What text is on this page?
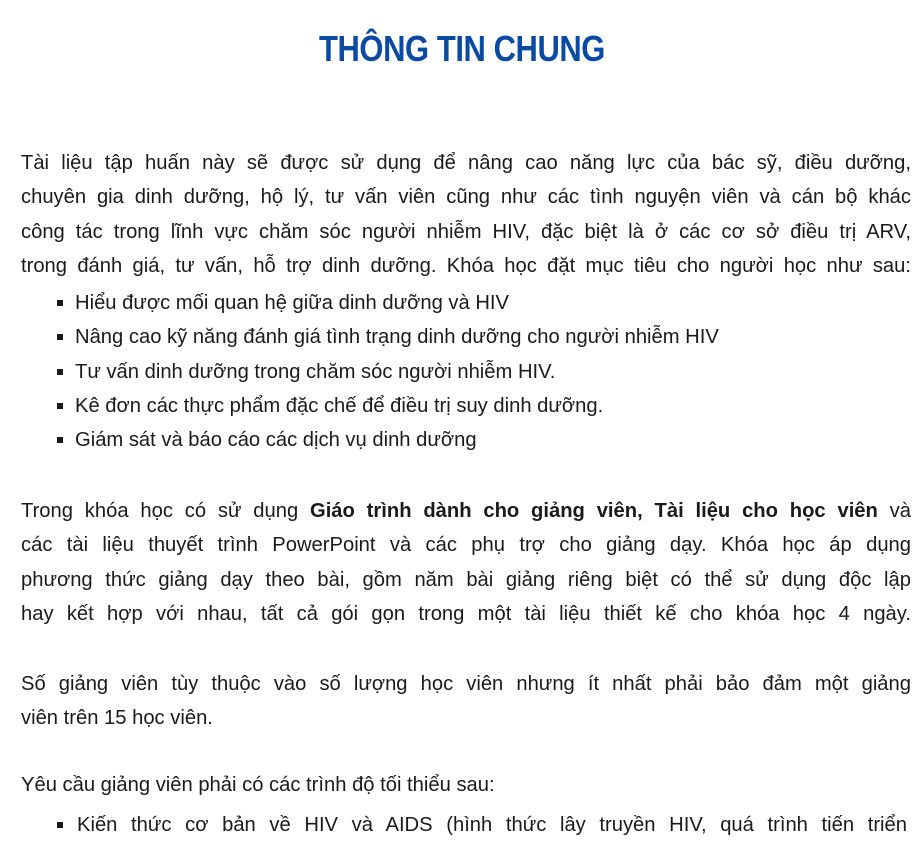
THÔNG TIN CHUNG

Tài liệu tập huấn này sẽ được sử dụng để nâng cao năng lực của bác sỹ, điều dưỡng,
chuyên gia dinh dưỡng, hộ lý, tư vấn viên cũng như các tình nguyện viên và cán bộ khác
công tác trong lĩnh vực chăm sóc người nhiễm HIV, đặc biệt là ở các cơ sở điều trị ARV,
trong đánh giá, tư vấn, hỗ trợ dinh dưỡng. Khóa học đặt mục tiêu cho người học như sau:

Hiểu được mối quan hệ giữa dinh dưỡng và HIV
Nâng cao kỹ năng đánh giá tình trạng dinh dưỡng cho người nhiễm HIV
Tư vấn dinh dưỡng trong chăm sóc người nhiễm HIV.
Kê đơn các thực phẩm đặc chế để điều trị suy dinh dưỡng.
Giám sát và báo cáo các dịch vụ dinh dưỡng

Trong khóa học có sử dụng Giáo trình dành cho giảng viên, Tài liệu cho học viên và
các tài liệu thuyết trình PowerPoint và các phụ trợ cho giảng dạy. Khóa học áp dụng
phương thức giảng dạy theo bài, gồm năm bài giảng riêng biệt có thể sử dụng độc lập
hay kết hợp với nhau, tất cả gói gọn trong một tài liệu thiết kế cho khóa học 4 ngày.

Số giảng viên tùy thuộc vào số lượng học viên nhưng ít nhất phải bảo đảm một giảng
viên trên 15 học viên.

Yêu cầu giảng viên phải có các trình độ tối thiểu sau:

Kiến thức cơ bản về HIV và AIDS (hình thức lây truyền HIV, quá trình tiến triển
